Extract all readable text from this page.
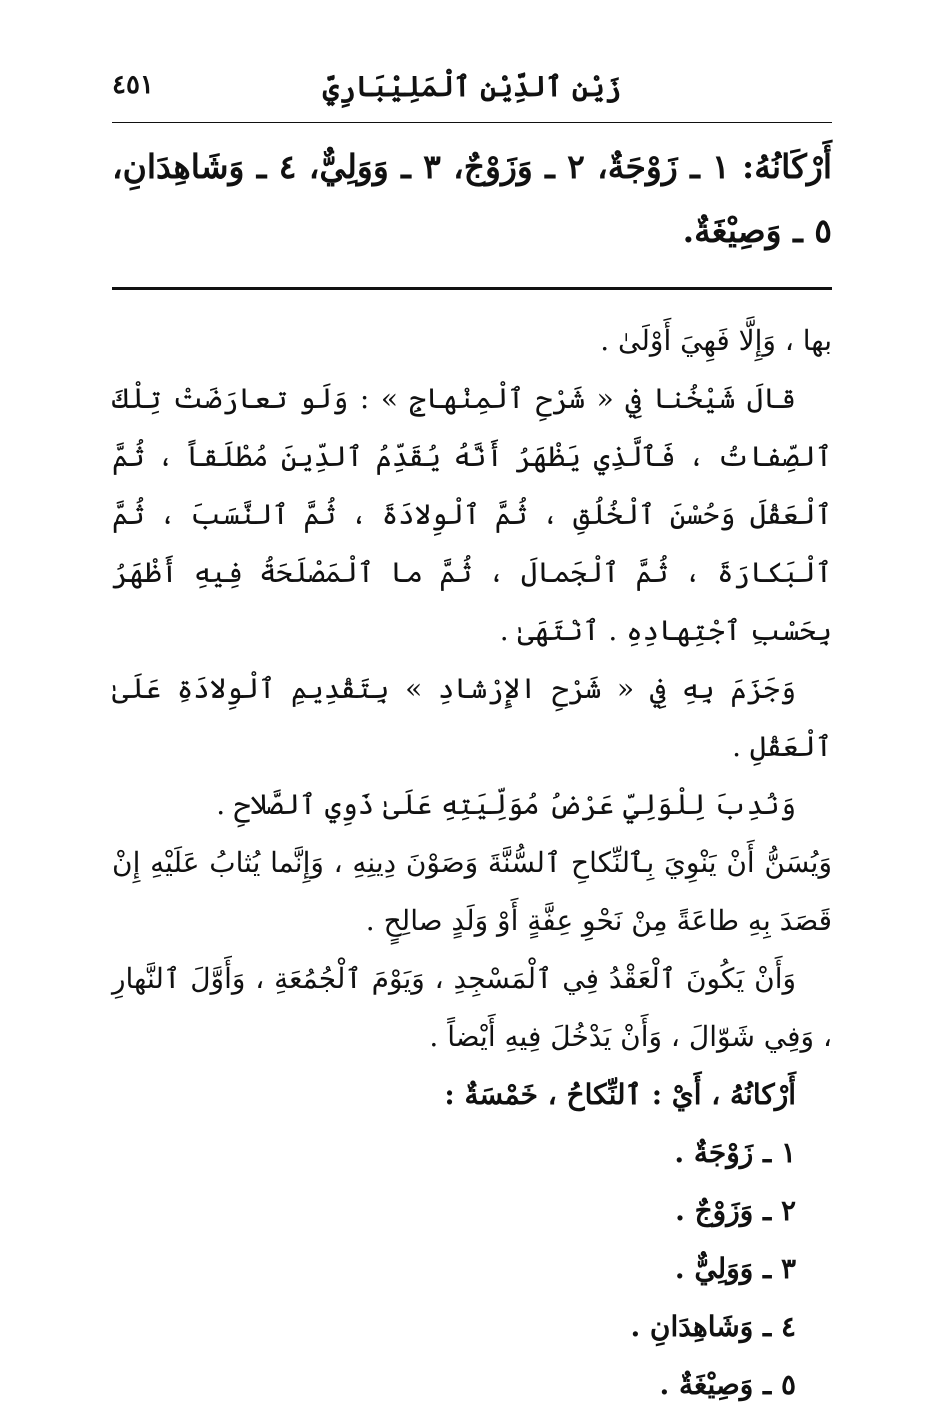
٤٥١	زَيْن ٱلدِّيْن ٱلْمَلِيْبَارِيّ
أَرْكَانُهُ: ١ ـ زَوْجَةٌ، ٢ ـ وَزَوْجٌ، ٣ ـ وَوَلِيٌّ، ٤ ـ وَشَاهِدَانِ، ٥ ـ وَصِيْغَةٌ.

بها ، وَإِلَّا فَهِيَ أَوْلَىٰ .

قالَ شَيْخُنا فِي « شَرْحِ ٱلْمِنْهاجِ » : وَلَو تعارَضَتْ تِلْكَ ٱلصِّفاتُ ، فَٱلَّذِي يَظْهَرُ أَنَّهُ يُقَدِّمُ ٱلدِّينَ مُطْلَقاً ، ثُمَّ ٱلْعَقْلَ وَحُسْنَ ٱلْخُلُقِ ، ثُمَّ ٱلْوِلادَةَ ، ثُمَّ ٱلنَّسَبَ ، ثُمَّ ٱلْبَكارَةَ ، ثُمَّ ٱلْجَمالَ ، ثُمَّ ما ٱلْمَصْلَحَةُ فِيهِ أَظْهَرُ بِحَسْبِ ٱجْتِهادِهِ . ٱنْتَهَىٰ .

وَجَزَمَ بِهِ فِي « شَرْحِ الإِرْشادِ » بِتَقْدِيمِ ٱلْوِلادَةِ عَلَىٰ ٱلْعَقْلِ .

وَنُدِبَ لِلْوَلِيِّ عَرْضُ مُوَلِّيَتِهِ عَلَىٰ ذَوِي ٱلصَّلاحِ .

وَيُسَنُّ أَنْ يَنْوِيَ بِٱلنِّكاحِ ٱلسُّنَّةَ وَصَوْنَ دِينِهِ ، وَإِنَّما يُثابُ عَلَيْهِ إِنْ قَصَدَ بِهِ طاعَةً مِنْ نَحْوِ عِفَّةٍ أَوْ وَلَدٍ صالِحٍ .

وَأَنْ يَكُونَ ٱلْعَقْدُ فِي ٱلْمَسْجِدِ ، وَيَوْمَ ٱلْجُمُعَةِ ، وَأَوَّلَ ٱلنَّهارِ ، وَفِي شَوّالَ ، وَأَنْ يَدْخُلَ فِيهِ أَيْضاً .

أَرْكانُهُ ، أَيْ : ٱلنِّكاحُ ، خَمْسَةٌ :

١ ـ زَوْجَةٌ .

٢ ـ وَزَوْجٌ .

٣ ـ وَوَلِيٌّ .

٤ ـ وَشَاهِدَانِ .

٥ ـ وَصِيْغَةٌ .
